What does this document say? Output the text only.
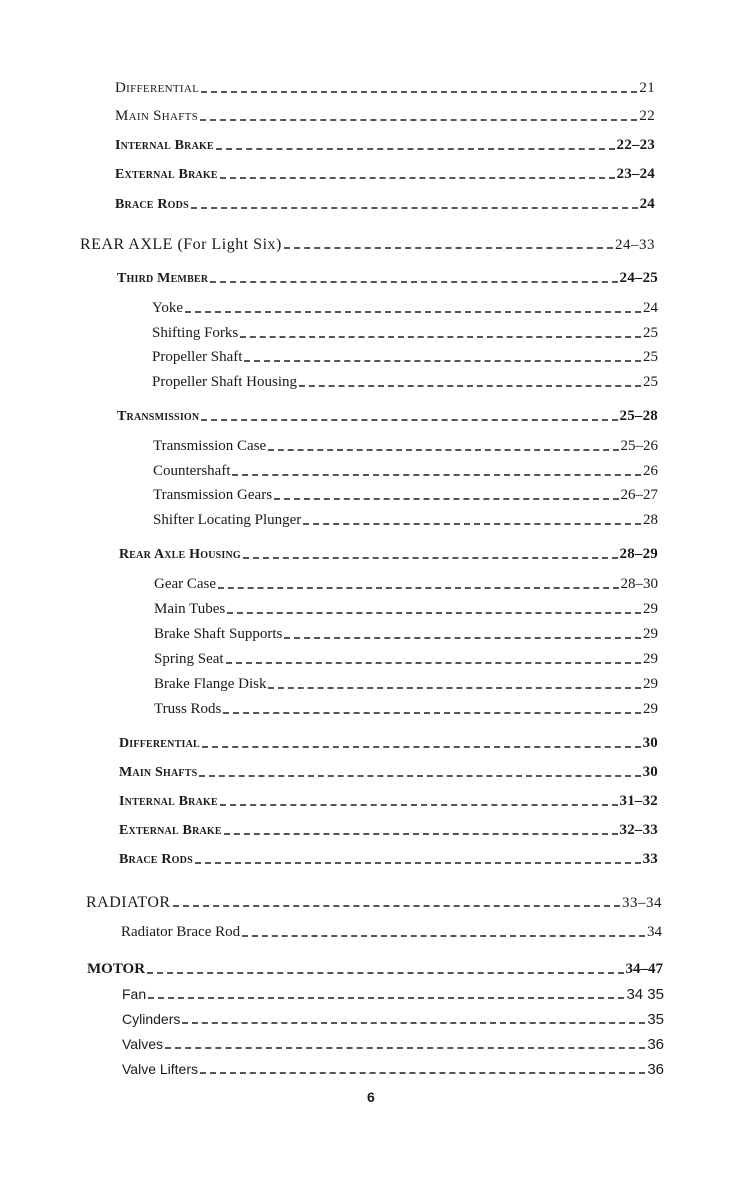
Differential	21
Main Shafts	22
Internal Brake	22–23
External Brake	23–24
Brace Rods	24
REAR AXLE (For Light Six)	24–33
Third Member	24–25
Yoke	24
Shifting Forks	25
Propeller Shaft	25
Propeller Shaft Housing	25
Transmission	25–28
Transmission Case	25–26
Countershaft	26
Transmission Gears	26–27
Shifter Locating Plunger	28
Rear Axle Housing	28–29
Gear Case	28–30
Main Tubes	29
Brake Shaft Supports	29
Spring Seat	29
Brake Flange Disk	29
Truss Rods	29
Differential	30
Main Shafts	30
Internal Brake	31–32
External Brake	32–33
Brace Rods	33
RADIATOR	33–34
Radiator Brace Rod	34
MOTOR	34–47
Fan	34 35
Cylinders	35
Valves	36
Valve Lifters	36
6
